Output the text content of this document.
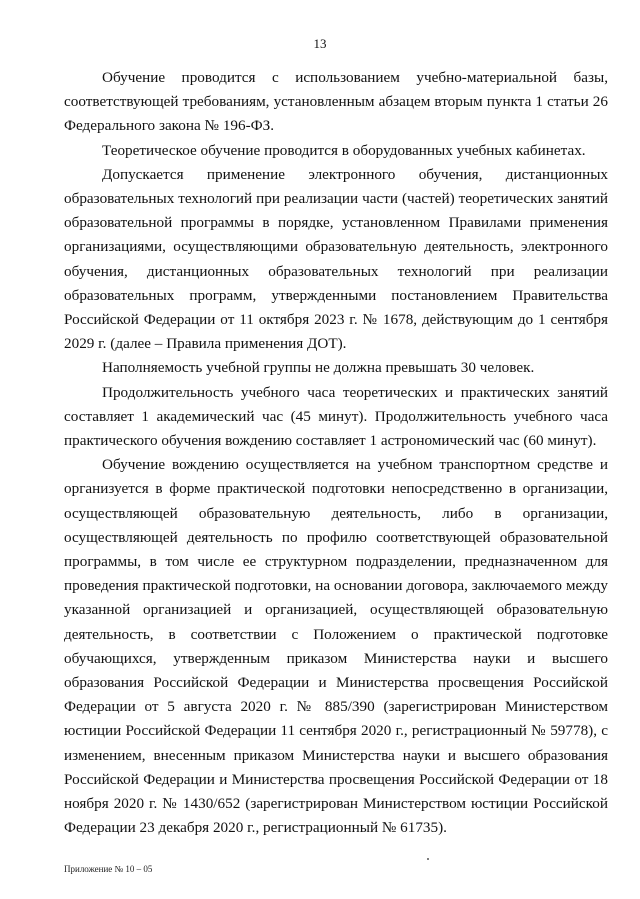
13

Обучение проводится с использованием учебно-материальной базы, соответствующей требованиям, установленным абзацем вторым пункта 1 статьи 26 Федерального закона № 196-ФЗ.

Теоретическое обучение проводится в оборудованных учебных кабинетах.

Допускается применение электронного обучения, дистанционных образовательных технологий при реализации части (частей) теоретических занятий образовательной программы в порядке, установленном Правилами применения организациями, осуществляющими образовательную деятельность, электронного обучения, дистанционных образовательных технологий при реализации образовательных программ, утвержденными постановлением Правительства Российской Федерации от 11 октября 2023 г. № 1678, действующим до 1 сентября 2029 г. (далее – Правила применения ДОТ).

Наполняемость учебной группы не должна превышать 30 человек.

Продолжительность учебного часа теоретических и практических занятий составляет 1 академический час (45 минут). Продолжительность учебного часа практического обучения вождению составляет 1 астрономический час (60 минут).

Обучение вождению осуществляется на учебном транспортном средстве и организуется в форме практической подготовки непосредственно в организации, осуществляющей образовательную деятельность, либо в организации, осуществляющей деятельность по профилю соответствующей образовательной программы, в том числе ее структурном подразделении, предназначенном для проведения практической подготовки, на основании договора, заключаемого между указанной организацией и организацией, осуществляющей образовательную деятельность, в соответствии с Положением о практической подготовке обучающихся, утвержденным приказом Министерства науки и высшего образования Российской Федерации и Министерства просвещения Российской Федерации от 5 августа 2020 г. № 885/390 (зарегистрирован Министерством юстиции Российской Федерации 11 сентября 2020 г., регистрационный № 59778), с изменением, внесенным приказом Министерства науки и высшего образования Российской Федерации и Министерства просвещения Российской Федерации от 18 ноября 2020 г. № 1430/652 (зарегистрирован Министерством юстиции Российской Федерации 23 декабря 2020 г., регистрационный № 61735).

Приложение № 10 – 05
